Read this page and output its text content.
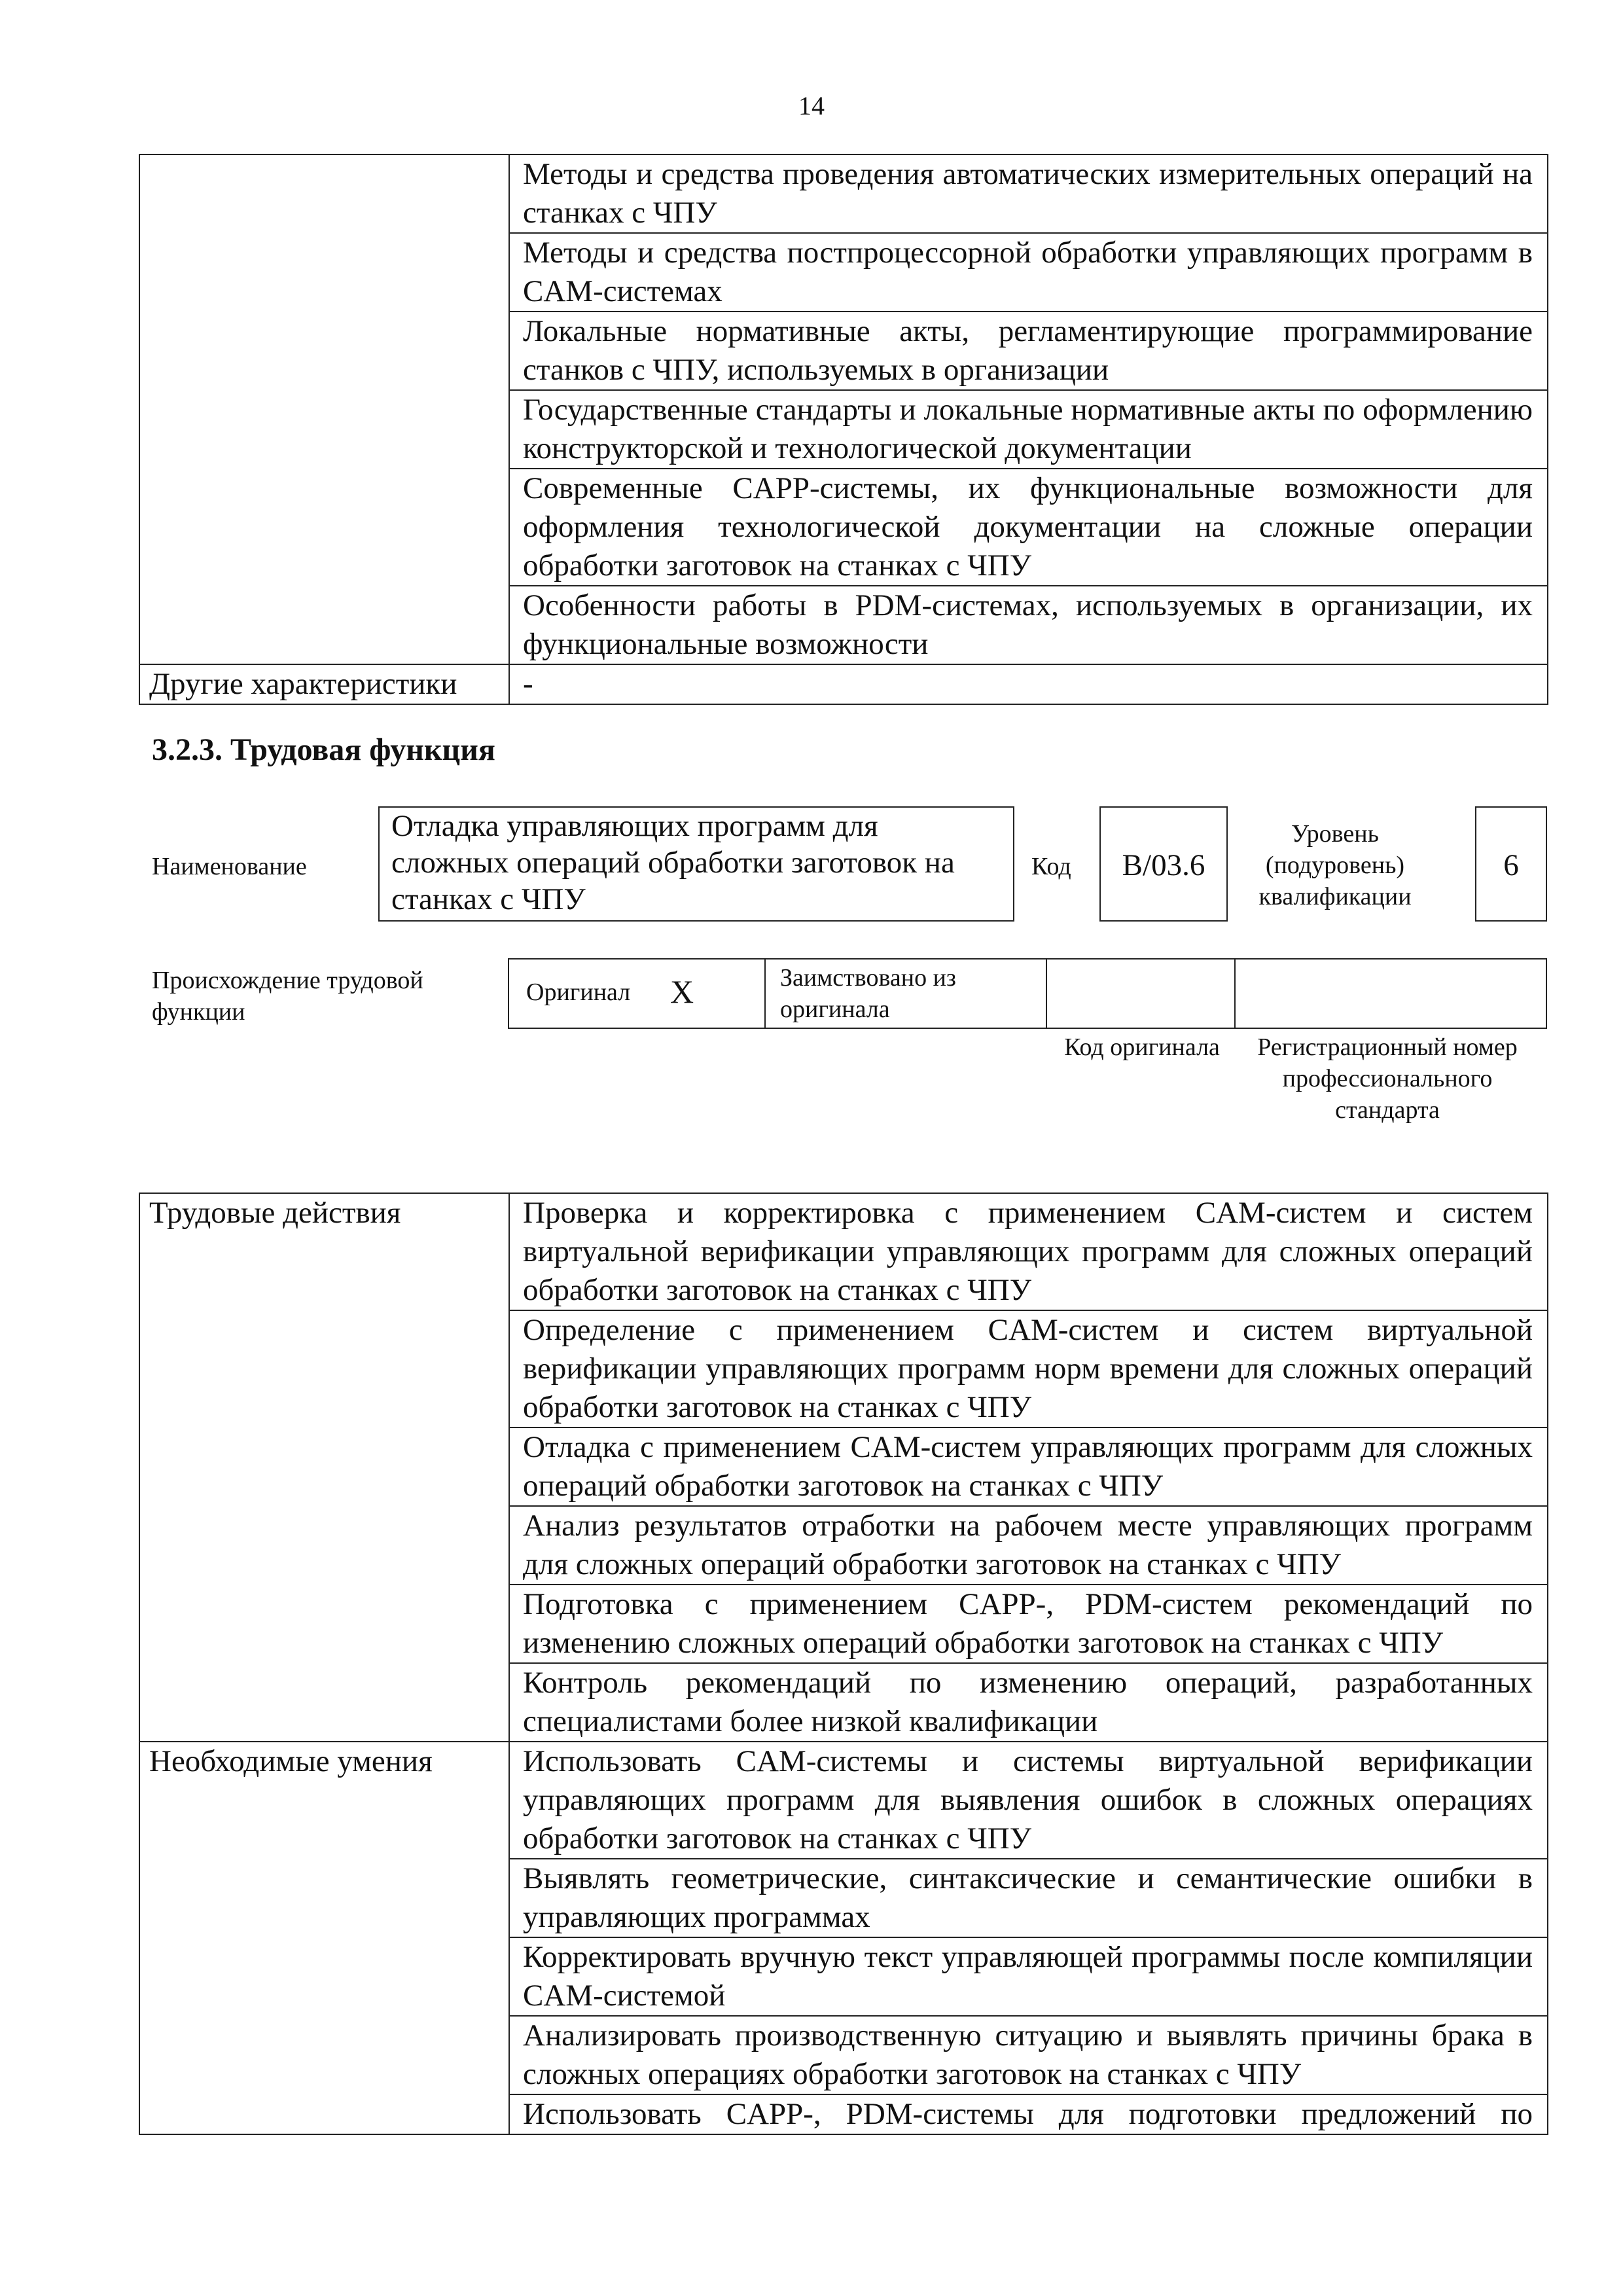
14
	Методы и средства проведения автоматических измерительных операций на станках с ЧПУ
	Методы и средства постпроцессорной обработки управляющих программ в CAM-системах
	Локальные нормативные акты, регламентирующие программирование станков с ЧПУ, используемых в организации
	Государственные стандарты и локальные нормативные акты по оформлению конструкторской и технологической документации
	Современные CAPP-системы, их функциональные возможности для оформления технологической документации на сложные операции обработки заготовок на станках с ЧПУ
	Особенности работы в PDM-системах, используемых в организации, их функциональные возможности
Другие характеристики	-
3.2.3. Трудовая функция
Наименование
Отладка управляющих программ для сложных операций обработки заготовок на станках с ЧПУ
Код	B/03.6
Уровень (подуровень) квалификации
6
Происхождение трудовой функции
Оригинал X	Заимствовано из оригинала
Код оригинала Регистрационный номер профессионального стандарта
Трудовые действия	Проверка и корректировка с применением CAM-систем и систем виртуальной верификации управляющих программ для сложных операций обработки заготовок на станках с ЧПУ
	Определение с применением CAM-систем и систем виртуальной верификации управляющих программ норм времени для сложных операций обработки заготовок на станках с ЧПУ
	Отладка с применением CAM-систем управляющих программ для сложных операций обработки заготовок на станках с ЧПУ
	Анализ результатов отработки на рабочем месте управляющих программ для сложных операций обработки заготовок на станках с ЧПУ
	Подготовка с применением CAPP-, PDM-систем рекомендаций по изменению сложных операций обработки заготовок на станках с ЧПУ
	Контроль рекомендаций по изменению операций, разработанных специалистами более низкой квалификации
Необходимые умения	Использовать CAM-системы и системы виртуальной верификации управляющих программ для выявления ошибок в сложных операциях обработки заготовок на станках с ЧПУ
	Выявлять геометрические, синтаксические и семантические ошибки в управляющих программах
	Корректировать вручную текст управляющей программы после компиляции CAM-системой
	Анализировать производственную ситуацию и выявлять причины брака в сложных операциях обработки заготовок на станках с ЧПУ
	Использовать CAPP-, PDM-системы для подготовки предложений по
